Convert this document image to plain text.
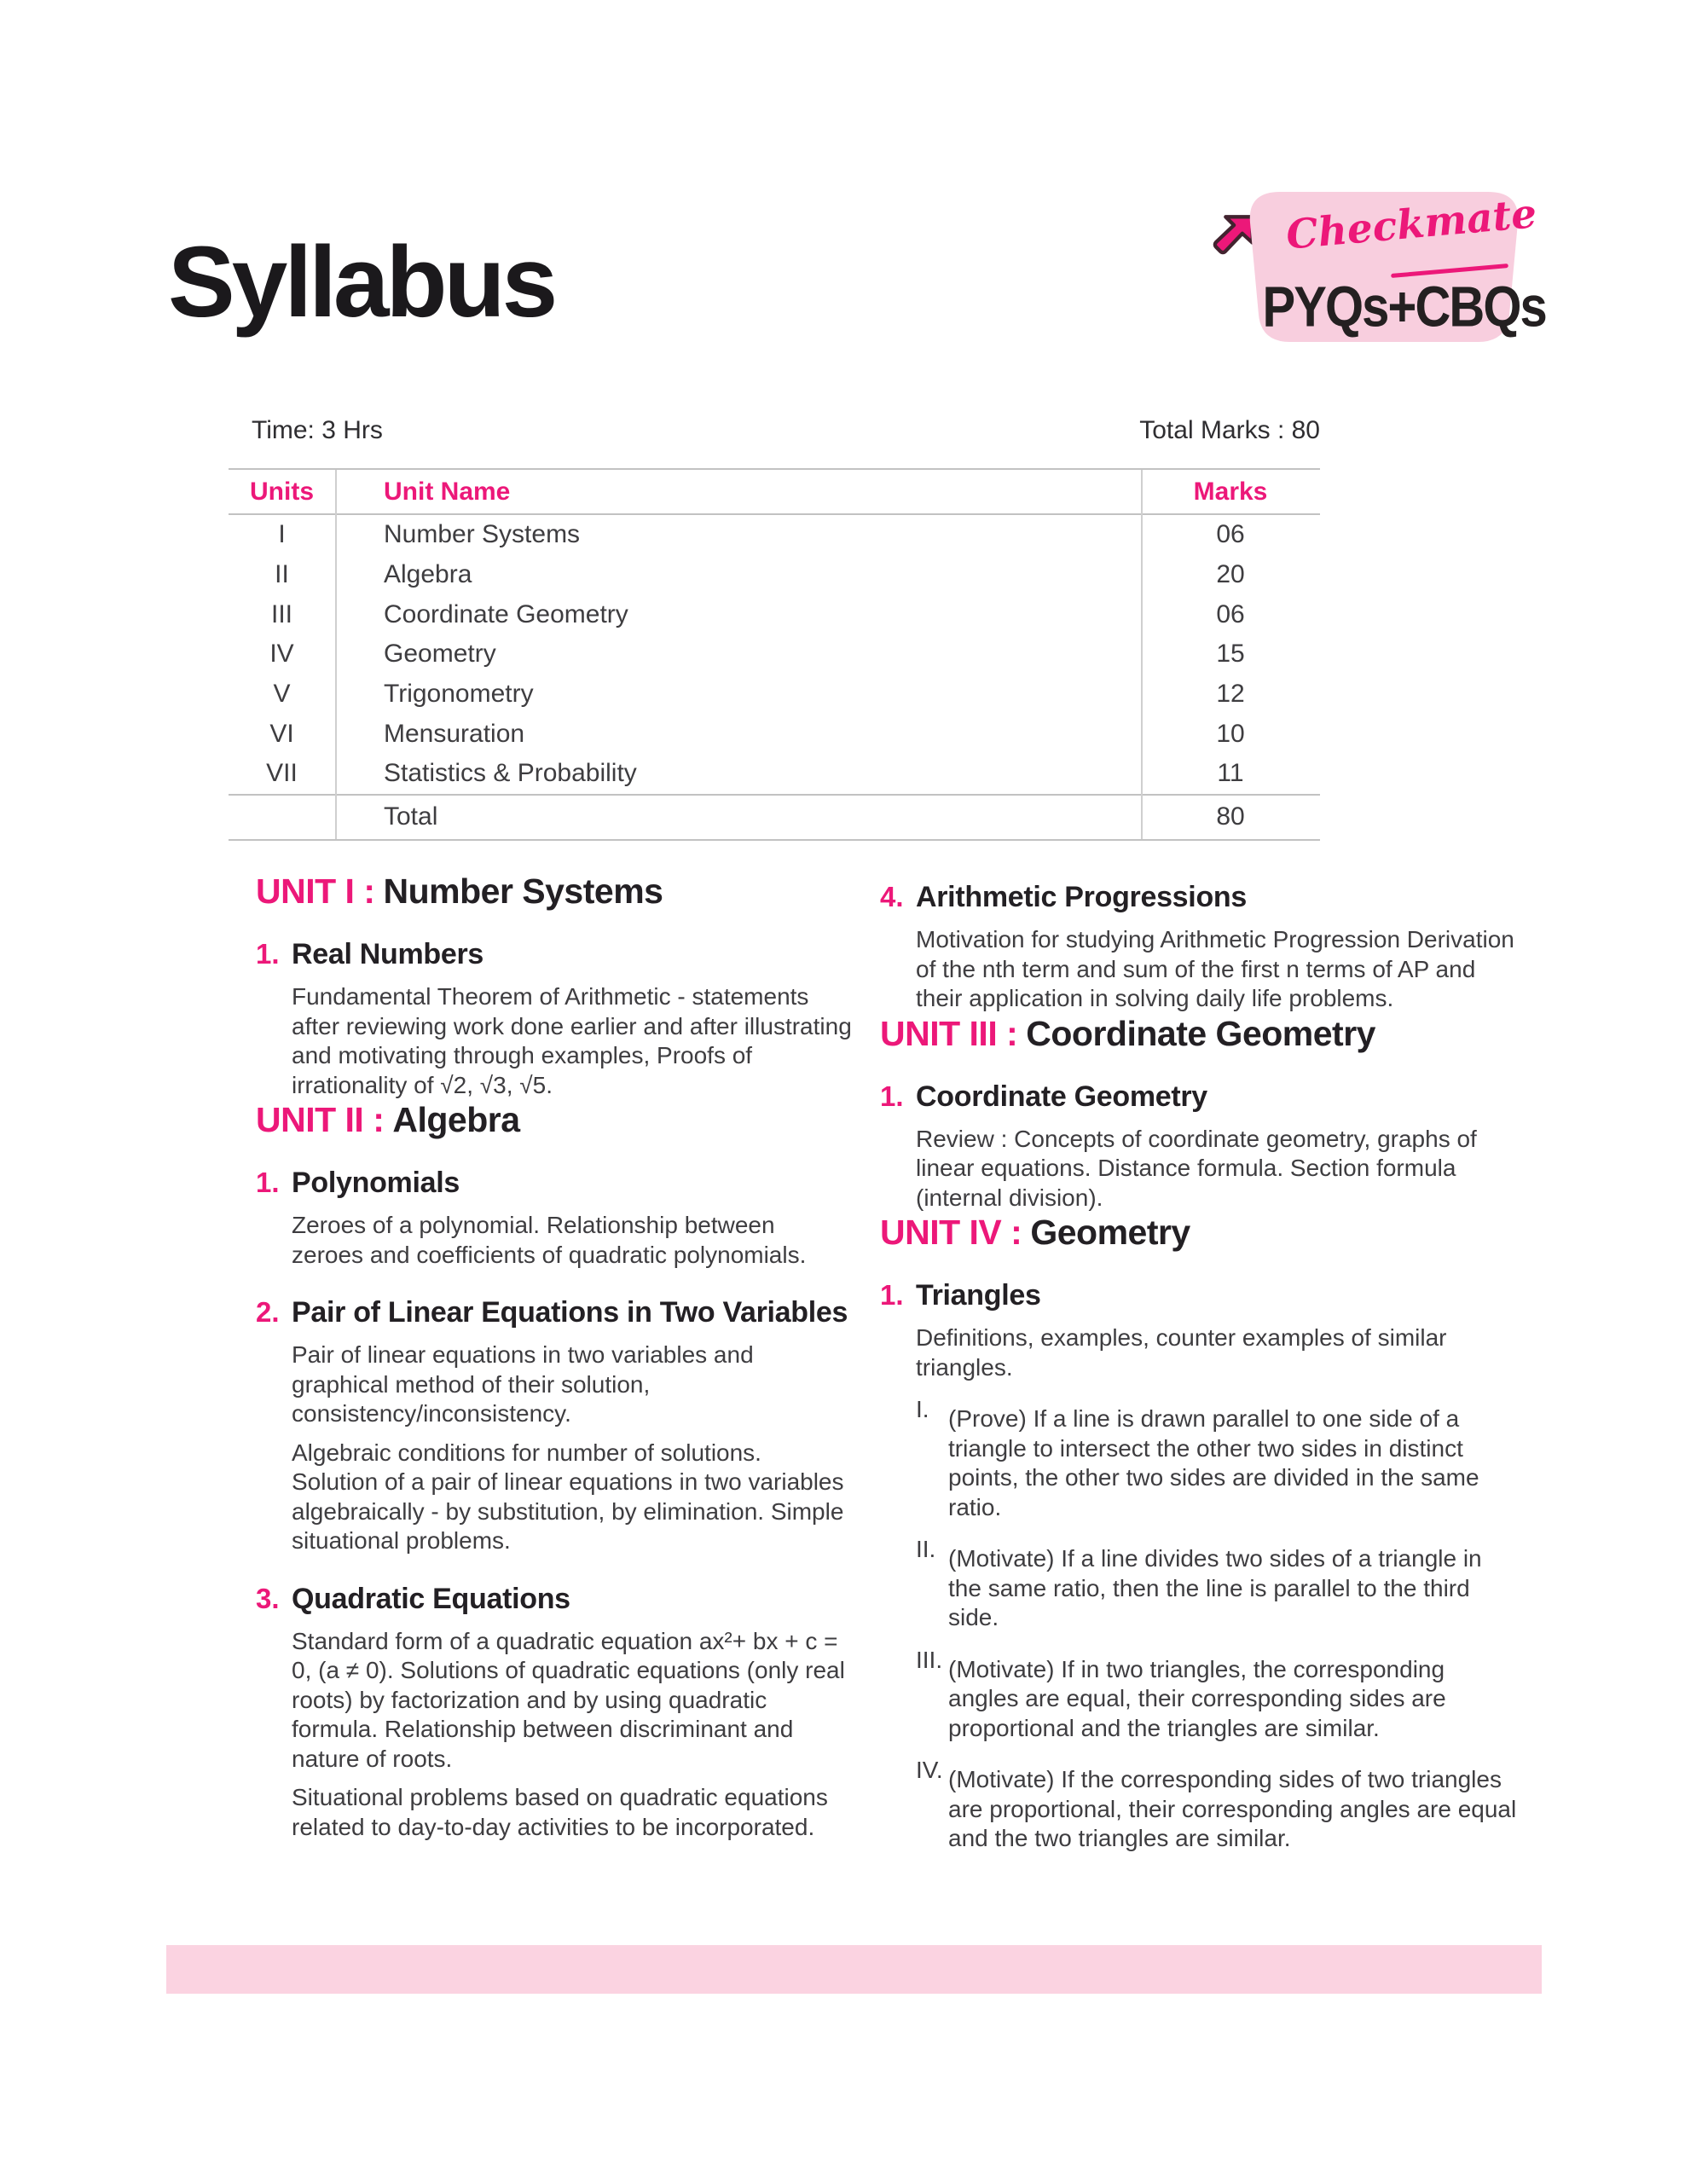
Syllabus
Checkmate
PYQs+CBQs
Time: 3 Hrs	Total Marks : 80
Units	Unit Name	Marks
I	Number Systems	06
II	Algebra	20
III	Coordinate Geometry	06
IV	Geometry	15
V	Trigonometry	12
VI	Mensuration	10
VII	Statistics & Probability	11
Total	80
UNIT I : Number Systems
1. Real Numbers

Fundamental Theorem of Arithmetic - statements after reviewing work done earlier and after illustrating and motivating through examples, Proofs of irrationality of √2, √3, √5.

UNIT II : Algebra
1. Polynomials

Zeroes of a polynomial. Relationship between zeroes and coefficients of quadratic polynomials.

2. Pair of Linear Equations in Two Variables

Pair of linear equations in two variables and graphical method of their solution, consistency/inconsistency.

Algebraic conditions for number of solutions. Solution of a pair of linear equations in two variables algebraically - by substitution, by elimination. Simple situational problems.

3. Quadratic Equations

Standard form of a quadratic equation ax²+ bx + c = 0, (a ≠ 0). Solutions of quadratic equations (only real roots) by factorization and by using quadratic formula. Relationship between discriminant and nature of roots.

Situational problems based on quadratic equations related to day-to-day activities to be incorporated.

4. Arithmetic Progressions

Motivation for studying Arithmetic Progression Derivation of the nth term and sum of the first n terms of AP and their application in solving daily life problems.

UNIT III : Coordinate Geometry
1. Coordinate Geometry

Review : Concepts of coordinate geometry, graphs of linear equations. Distance formula. Section formula (internal division).

UNIT IV : Geometry
1. Triangles

Definitions, examples, counter examples of similar triangles.

I. (Prove) If a line is drawn parallel to one side of a triangle to intersect the other two sides in distinct points, the other two sides are divided in the same ratio.

II. (Motivate) If a line divides two sides of a triangle in the same ratio, then the line is parallel to the third side.

III. (Motivate) If in two triangles, the corresponding angles are equal, their corresponding sides are proportional and the triangles are similar.

IV. (Motivate) If the corresponding sides of two triangles are proportional, their corresponding angles are equal and the two triangles are similar.
